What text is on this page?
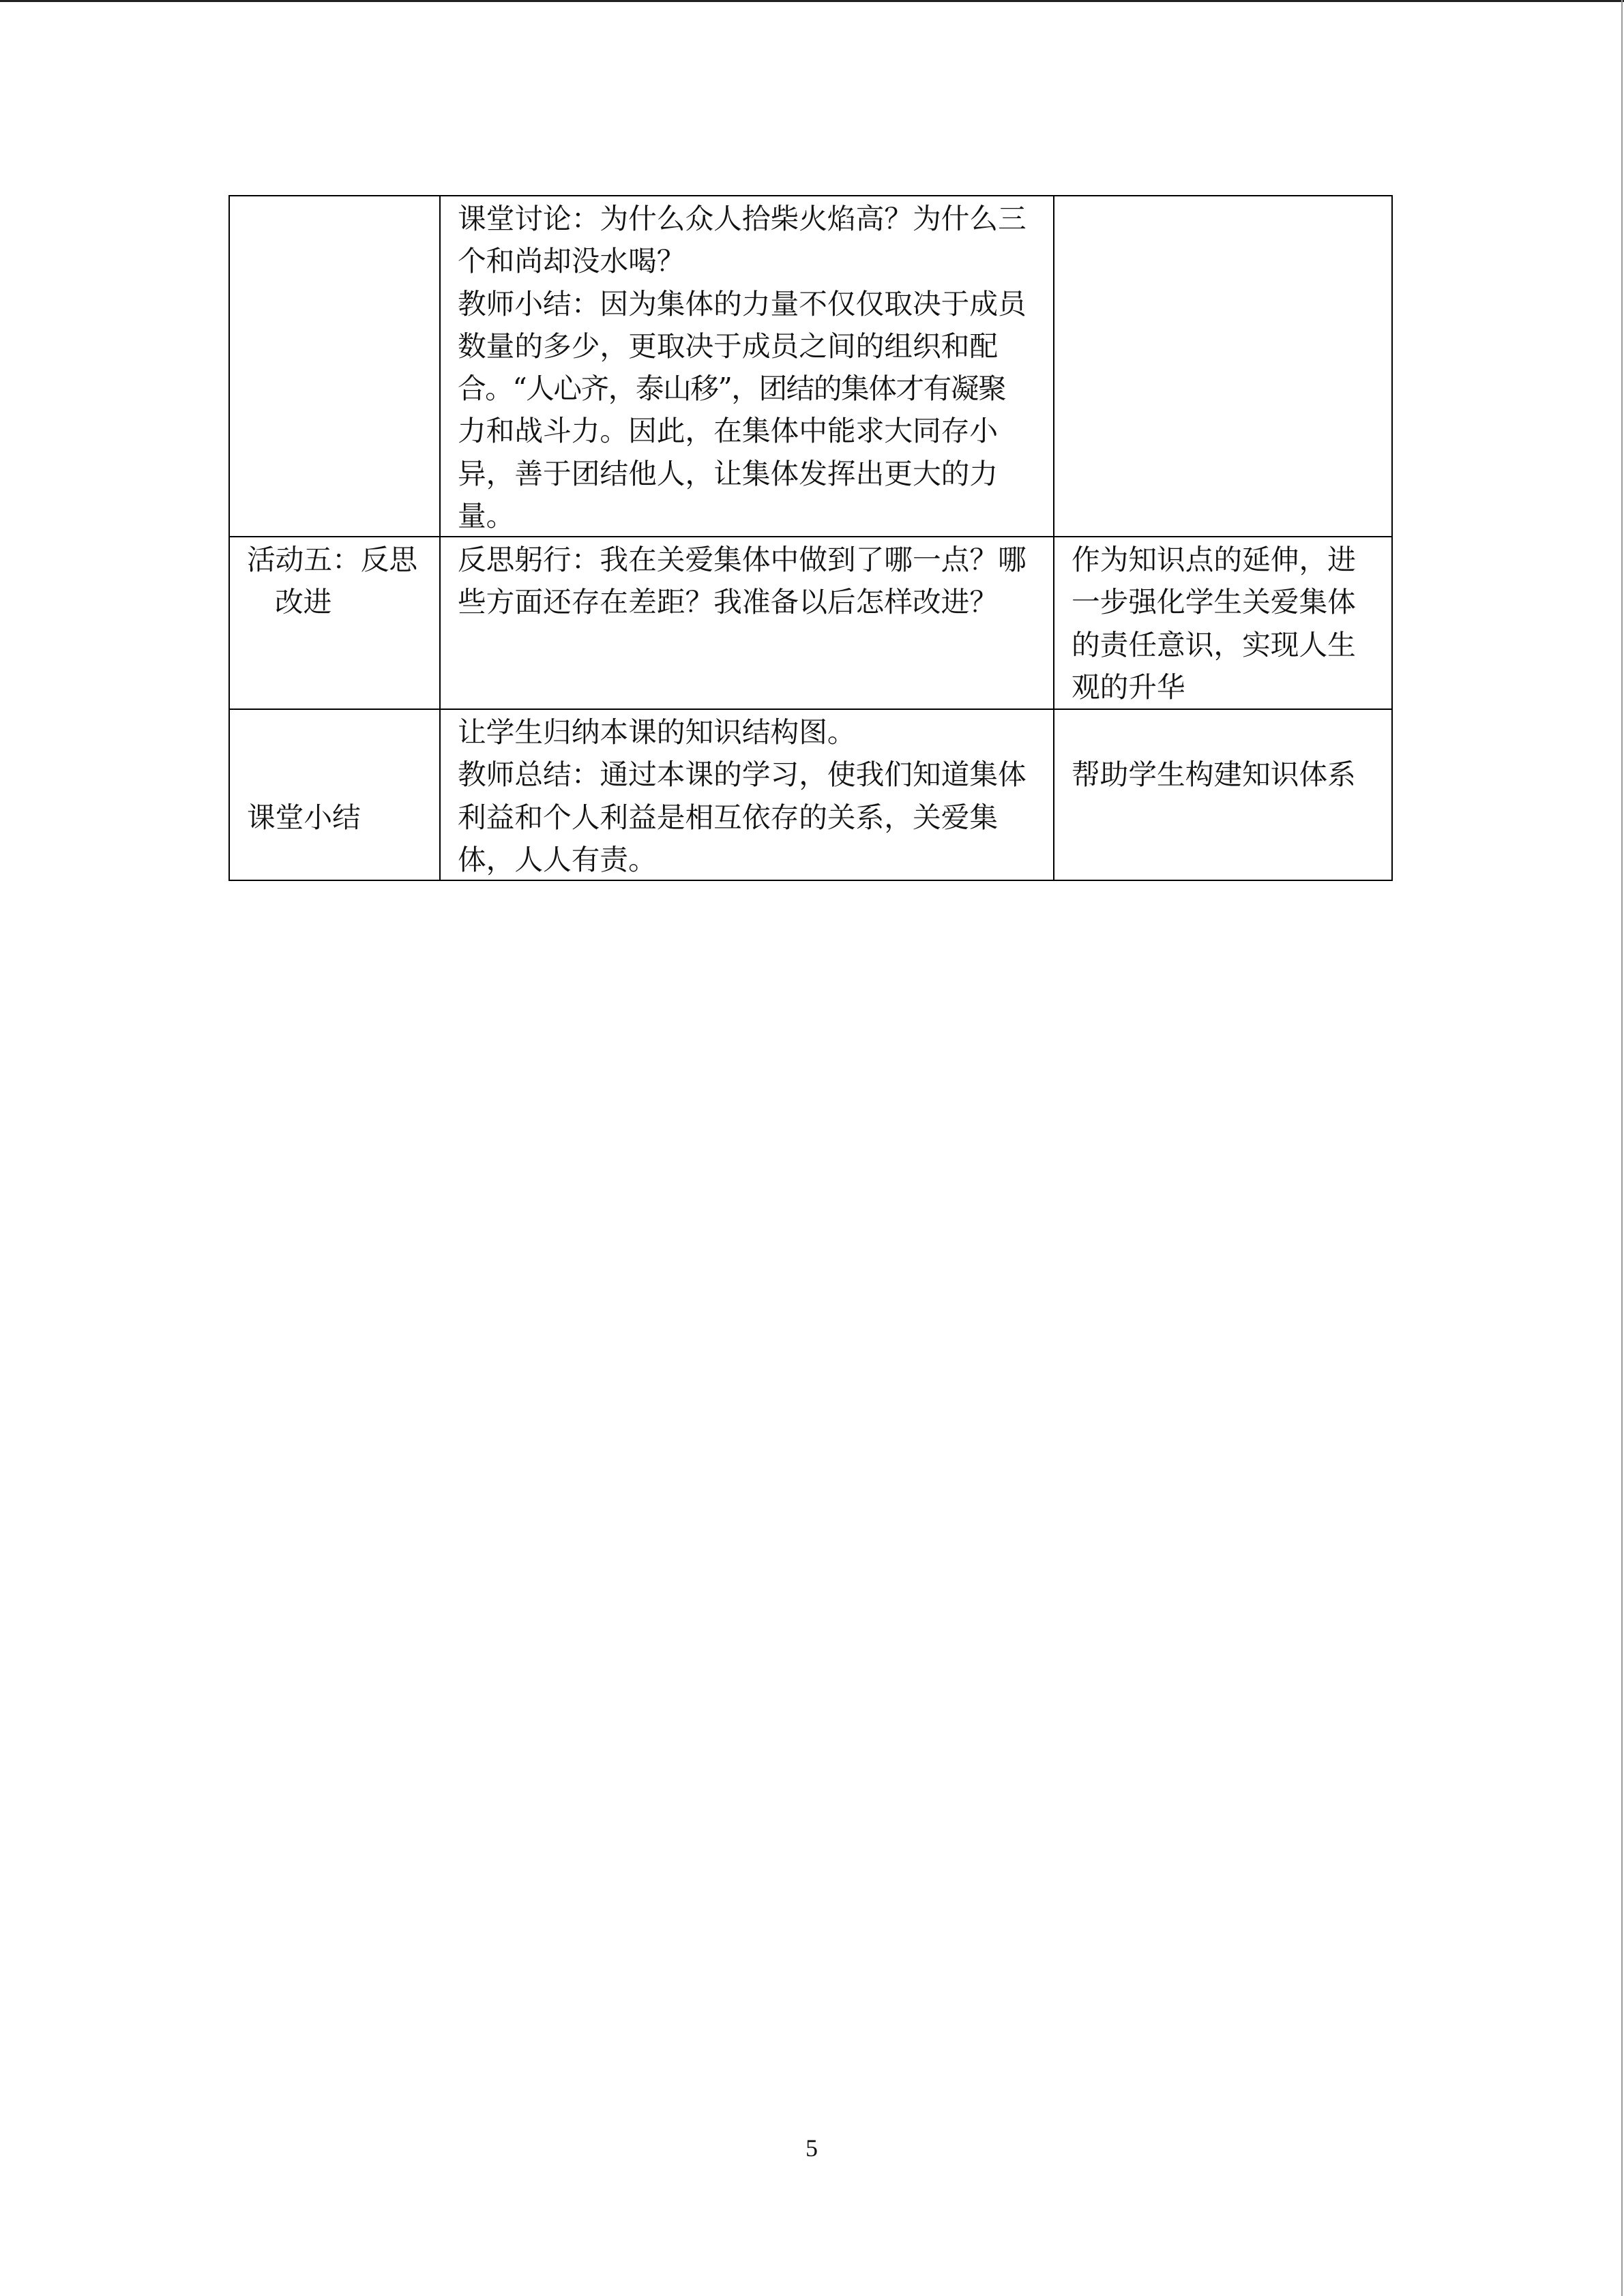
课堂讨论：为什么众人拾柴火焰高？为什么三
个和尚却没水喝？
教师小结：因为集体的力量不仅仅取决于成员
数量的多少，更取决于成员之间的组织和配
合。“人心齐，泰山移”，团结的集体才有凝聚
力和战斗力。因此，在集体中能求大同存小
异，善于团结他人，让集体发挥出更大的力
量。
活动五：反思
改进
反思躬行：我在关爱集体中做到了哪一点？哪
些方面还存在差距？我准备以后怎样改进？
作为知识点的延伸，进
一步强化学生关爱集体
的责任意识，实现人生
观的升华
课堂小结
让学生归纳本课的知识结构图。
教师总结：通过本课的学习，使我们知道集体
利益和个人利益是相互依存的关系，关爱集
体，人人有责。
帮助学生构建知识体系
5
